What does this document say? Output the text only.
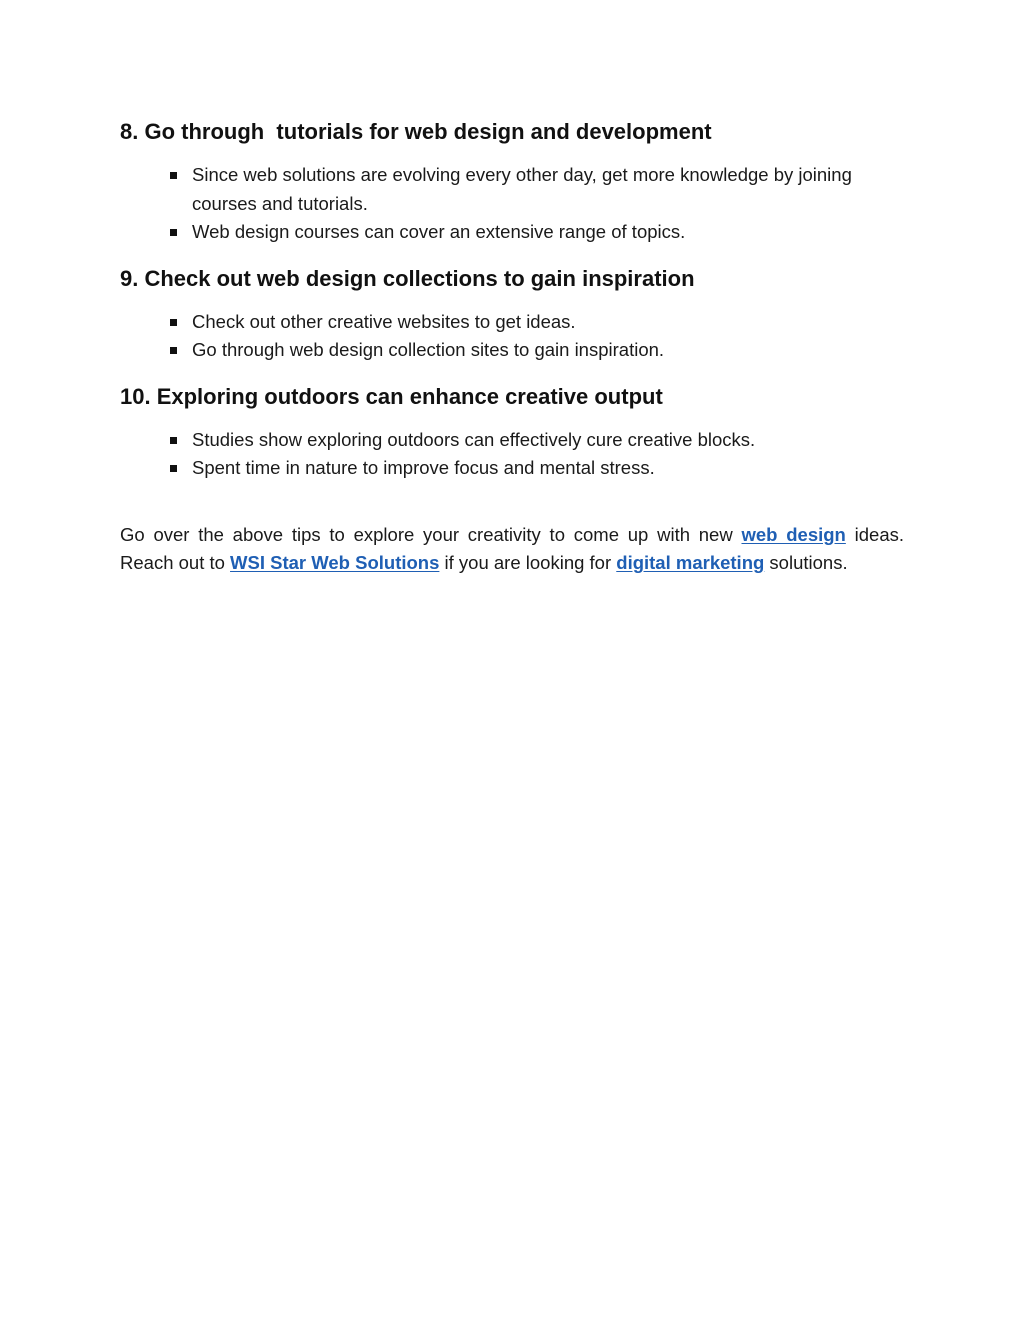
8. Go through  tutorials for web design and development
Since web solutions are evolving every other day, get more knowledge by joining courses and tutorials.
Web design courses can cover an extensive range of topics.
9. Check out web design collections to gain inspiration
Check out other creative websites to get ideas.
Go through web design collection sites to gain inspiration.
10. Exploring outdoors can enhance creative output
Studies show exploring outdoors can effectively cure creative blocks.
Spent time in nature to improve focus and mental stress.

Go over the above tips to explore your creativity to come up with new web design ideas. Reach out to WSI Star Web Solutions if you are looking for digital marketing solutions.
